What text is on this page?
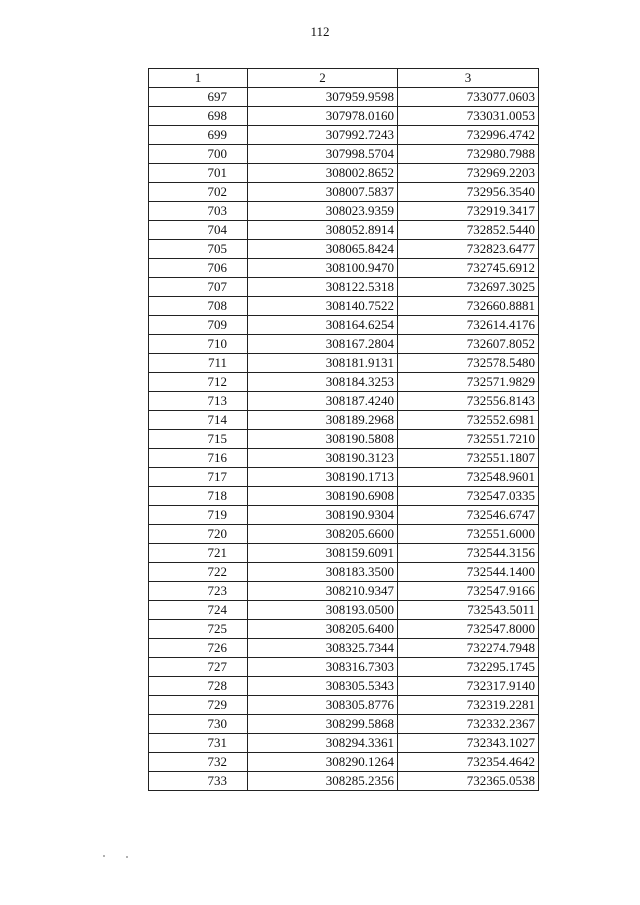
112
1	2	3
697	307959.9598	733077.0603
698	307978.0160	733031.0053
699	307992.7243	732996.4742
700	307998.5704	732980.7988
701	308002.8652	732969.2203
702	308007.5837	732956.3540
703	308023.9359	732919.3417
704	308052.8914	732852.5440
705	308065.8424	732823.6477
706	308100.9470	732745.6912
707	308122.5318	732697.3025
708	308140.7522	732660.8881
709	308164.6254	732614.4176
710	308167.2804	732607.8052
711	308181.9131	732578.5480
712	308184.3253	732571.9829
713	308187.4240	732556.8143
714	308189.2968	732552.6981
715	308190.5808	732551.7210
716	308190.3123	732551.1807
717	308190.1713	732548.9601
718	308190.6908	732547.0335
719	308190.9304	732546.6747
720	308205.6600	732551.6000
721	308159.6091	732544.3156
722	308183.3500	732544.1400
723	308210.9347	732547.9166
724	308193.0500	732543.5011
725	308205.6400	732547.8000
726	308325.7344	732274.7948
727	308316.7303	732295.1745
728	308305.5343	732317.9140
729	308305.8776	732319.2281
730	308299.5868	732332.2367
731	308294.3361	732343.1027
732	308290.1264	732354.4642
733	308285.2356	732365.0538
